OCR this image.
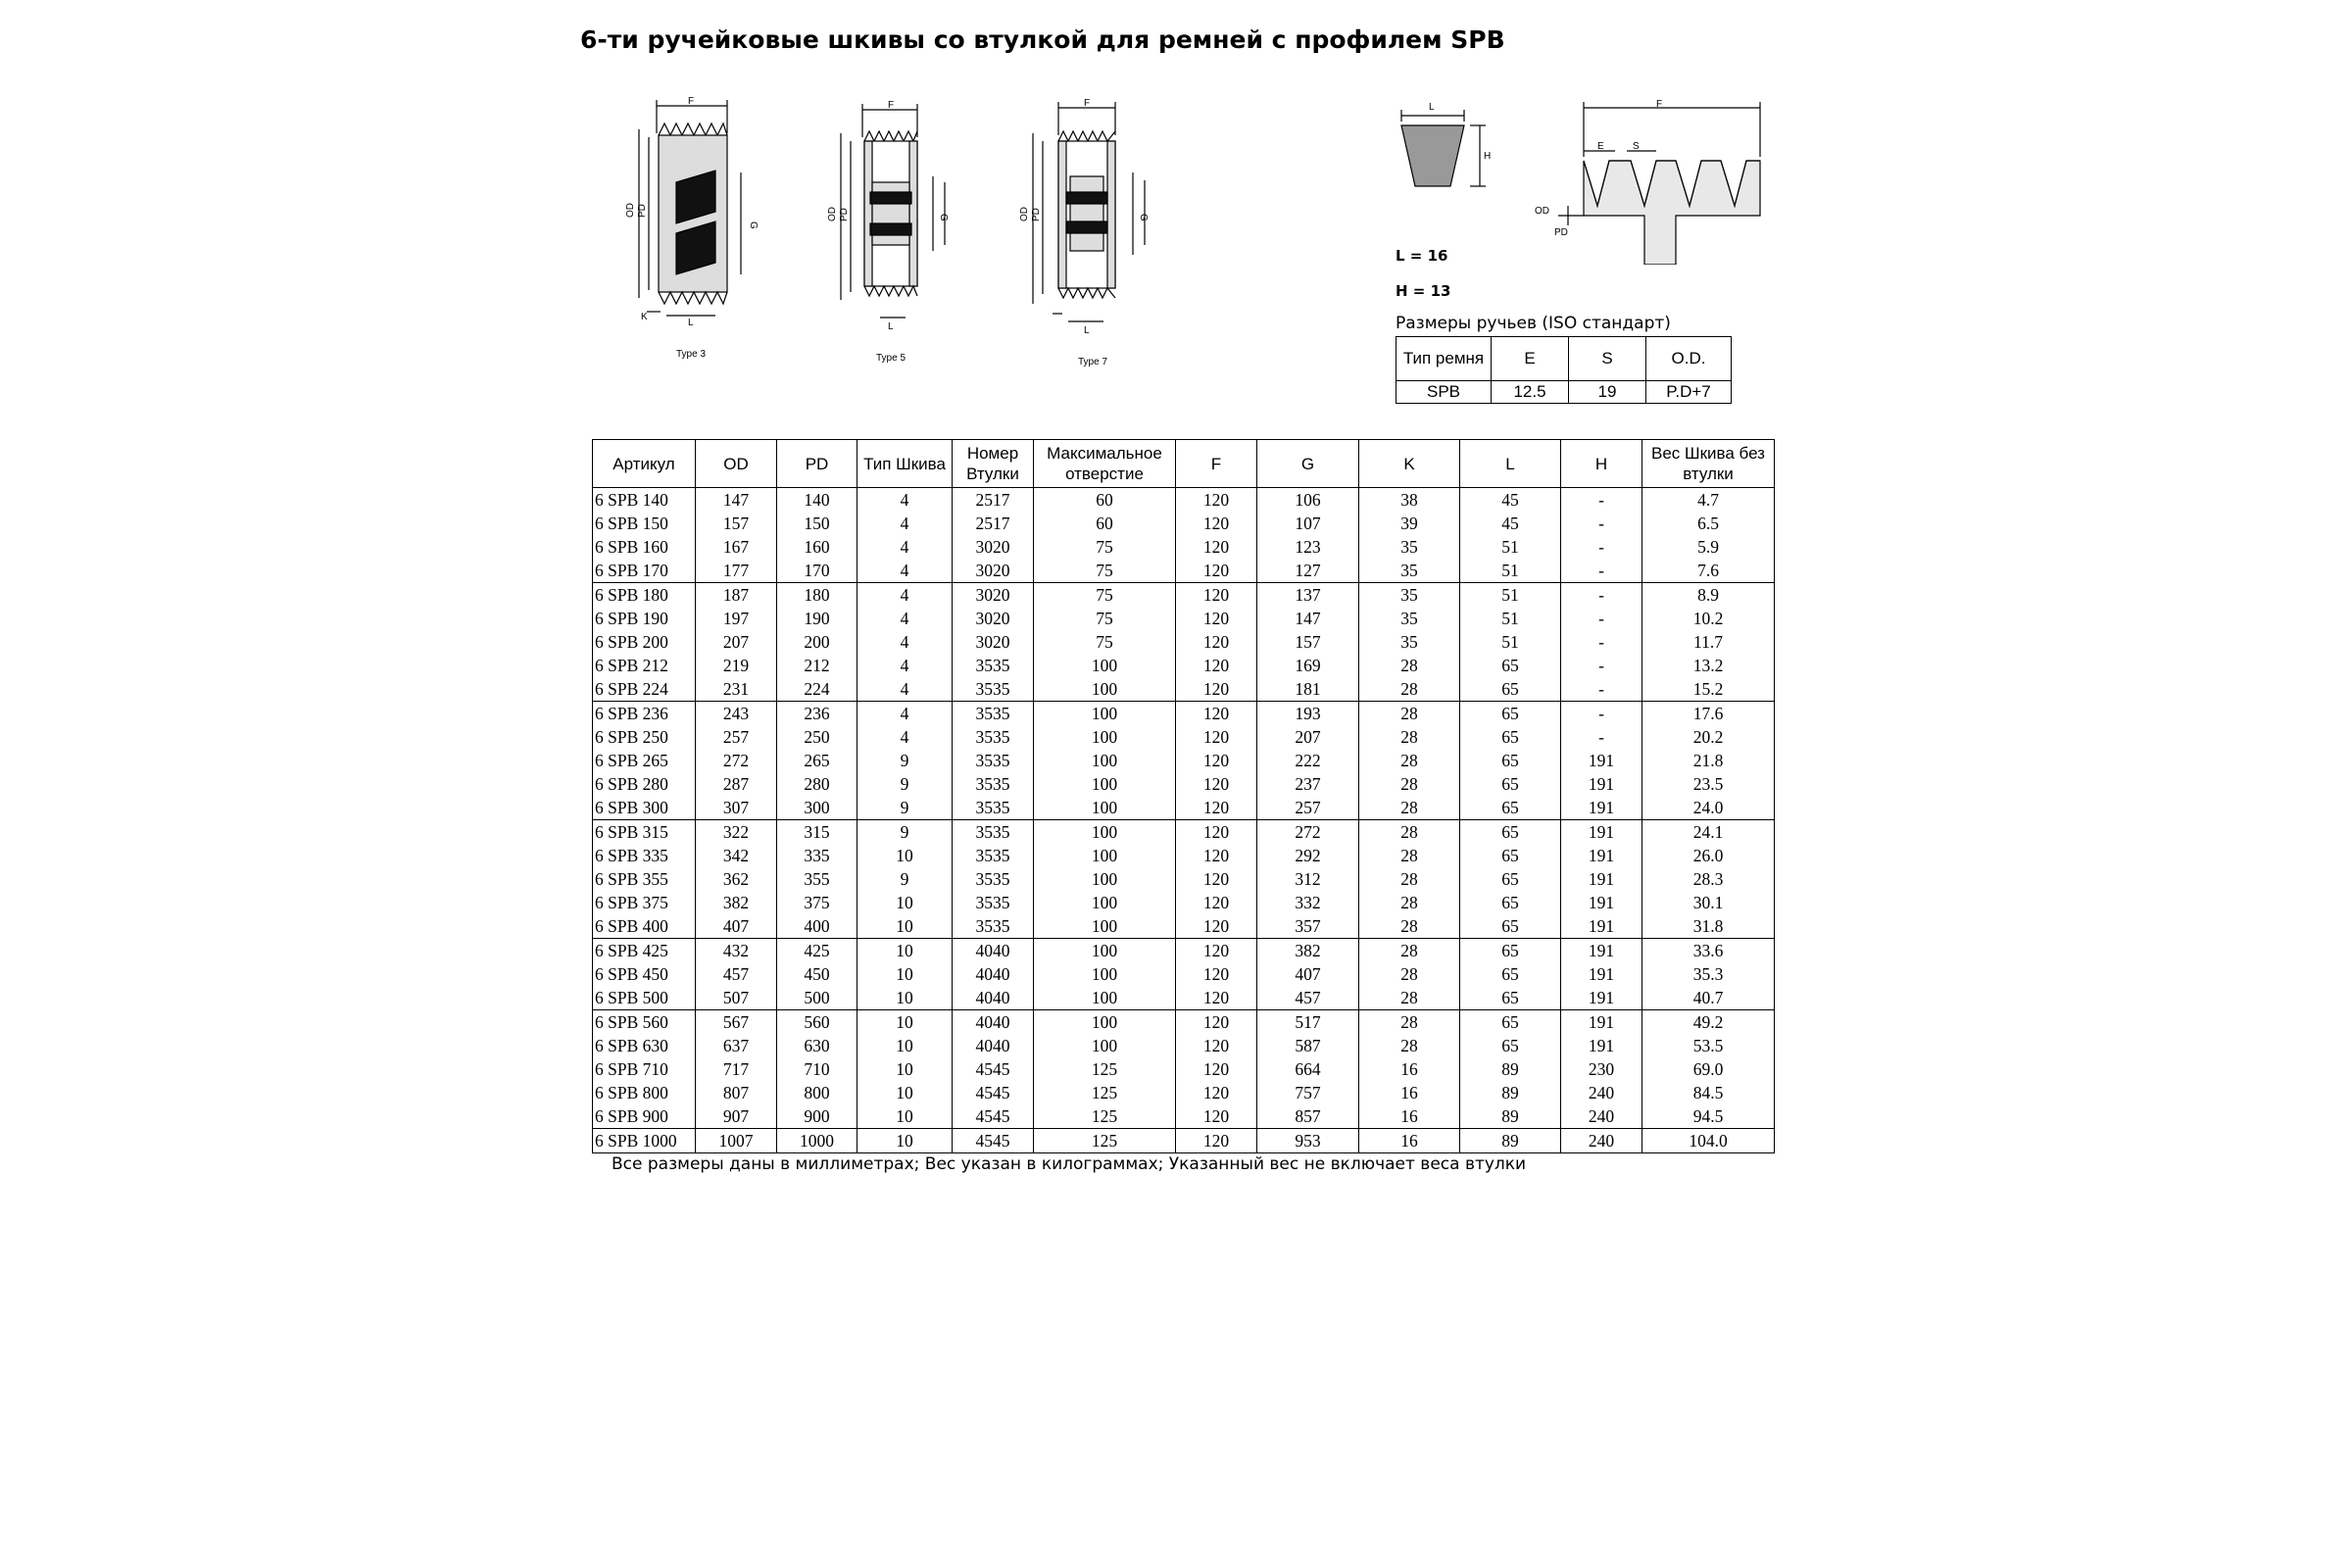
6-ти ручейковые шкивы со втулкой для ремней с профилем SPB
OD PD
G
F
K
L
Type 3
OD PD	G
F
L
Type 5
OD PD	G
F
L
Type 7
L
H
F
E	S
OD
PD
L = 16
H = 13
Размеры ручьев (ISO стандарт)
Тип ремня	E	S	O.D.
SPB	12.5	19	P.D+7
Артикул	OD	PD	Тип Шкива	Номер Втулки	Максимальное отверстие	F	G	K	L	H	Вес Шкива без втулки
6 SPB 140	147	140	4	2517	60	120	106	38	45	-	4.7
6 SPB 150	157	150	4	2517	60	120	107	39	45	-	6.5
6 SPB 160	167	160	4	3020	75	120	123	35	51	-	5.9
6 SPB 170	177	170	4	3020	75	120	127	35	51	-	7.6
6 SPB 180	187	180	4	3020	75	120	137	35	51	-	8.9
6 SPB 190	197	190	4	3020	75	120	147	35	51	-	10.2
6 SPB 200	207	200	4	3020	75	120	157	35	51	-	11.7
6 SPB 212	219	212	4	3535	100	120	169	28	65	-	13.2
6 SPB 224	231	224	4	3535	100	120	181	28	65	-	15.2
6 SPB 236	243	236	4	3535	100	120	193	28	65	-	17.6
6 SPB 250	257	250	4	3535	100	120	207	28	65	-	20.2
6 SPB 265	272	265	9	3535	100	120	222	28	65	191	21.8
6 SPB 280	287	280	9	3535	100	120	237	28	65	191	23.5
6 SPB 300	307	300	9	3535	100	120	257	28	65	191	24.0
6 SPB 315	322	315	9	3535	100	120	272	28	65	191	24.1
6 SPB 335	342	335	10	3535	100	120	292	28	65	191	26.0
6 SPB 355	362	355	9	3535	100	120	312	28	65	191	28.3
6 SPB 375	382	375	10	3535	100	120	332	28	65	191	30.1
6 SPB 400	407	400	10	3535	100	120	357	28	65	191	31.8
6 SPB 425	432	425	10	4040	100	120	382	28	65	191	33.6
6 SPB 450	457	450	10	4040	100	120	407	28	65	191	35.3
6 SPB 500	507	500	10	4040	100	120	457	28	65	191	40.7
6 SPB 560	567	560	10	4040	100	120	517	28	65	191	49.2
6 SPB 630	637	630	10	4040	100	120	587	28	65	191	53.5
6 SPB 710	717	710	10	4545	125	120	664	16	89	230	69.0
6 SPB 800	807	800	10	4545	125	120	757	16	89	240	84.5
6 SPB 900	907	900	10	4545	125	120	857	16	89	240	94.5
6 SPB 1000	1007	1000	10	4545	125	120	953	16	89	240	104.0
Все размеры даны в миллиметрах; Вес указан в килограммах; Указанный вес не включает веса втулки
